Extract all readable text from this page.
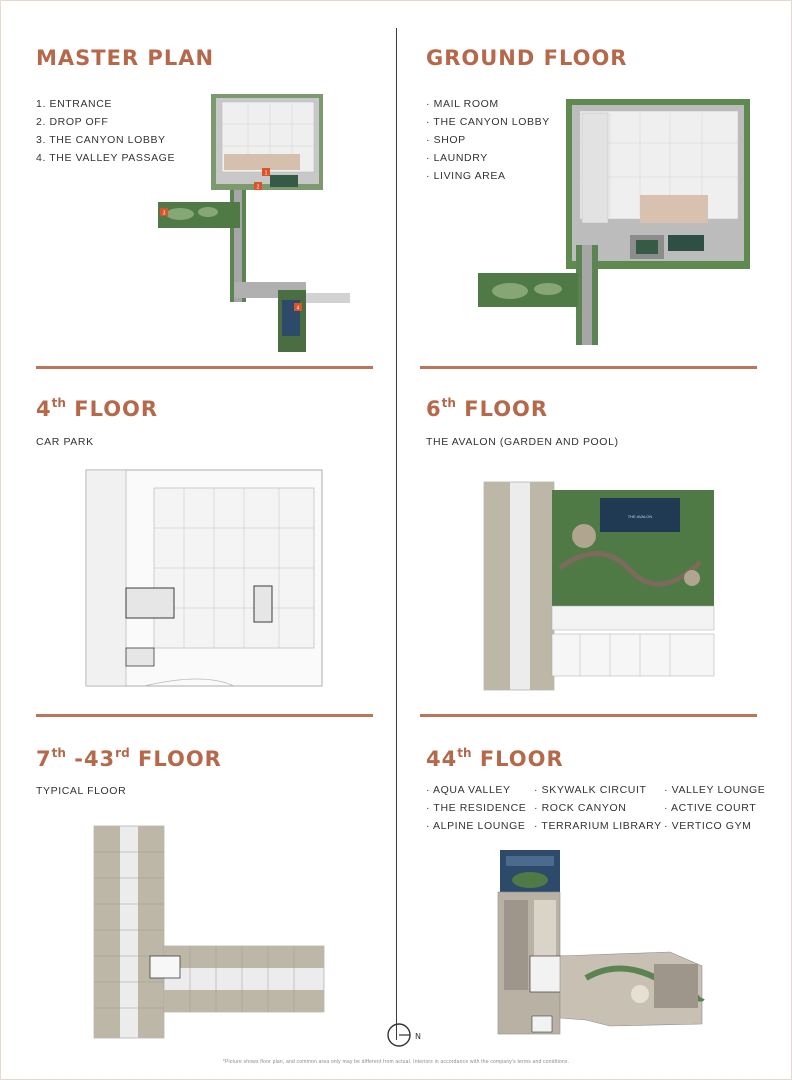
MASTER PLAN
1. ENTRANCE
2. DROP OFF
3. THE CANYON LOBBY
4. THE VALLEY PASSAGE
1
2
3
4
GROUND FLOOR
· MAIL ROOM
· THE CANYON LOBBY
· SHOP
· LAUNDRY
· LIVING AREA
4th FLOOR
CAR PARK
6th FLOOR
THE AVALON (GARDEN AND POOL)
THE AVALON
7th -43rd FLOOR
TYPICAL FLOOR
44th FLOOR
· AQUA VALLEY
· THE RESIDENCE
· ALPINE LOUNGE
· SKYWALK CIRCUIT
· ROCK CANYON
· TERRARIUM LIBRARY
· VALLEY LOUNGE
· ACTIVE COURT
· VERTICO GYM
N
*Picture shows floor plan, and common area only may be different from actual. Interiors in accordance with the company's terms and conditions.
